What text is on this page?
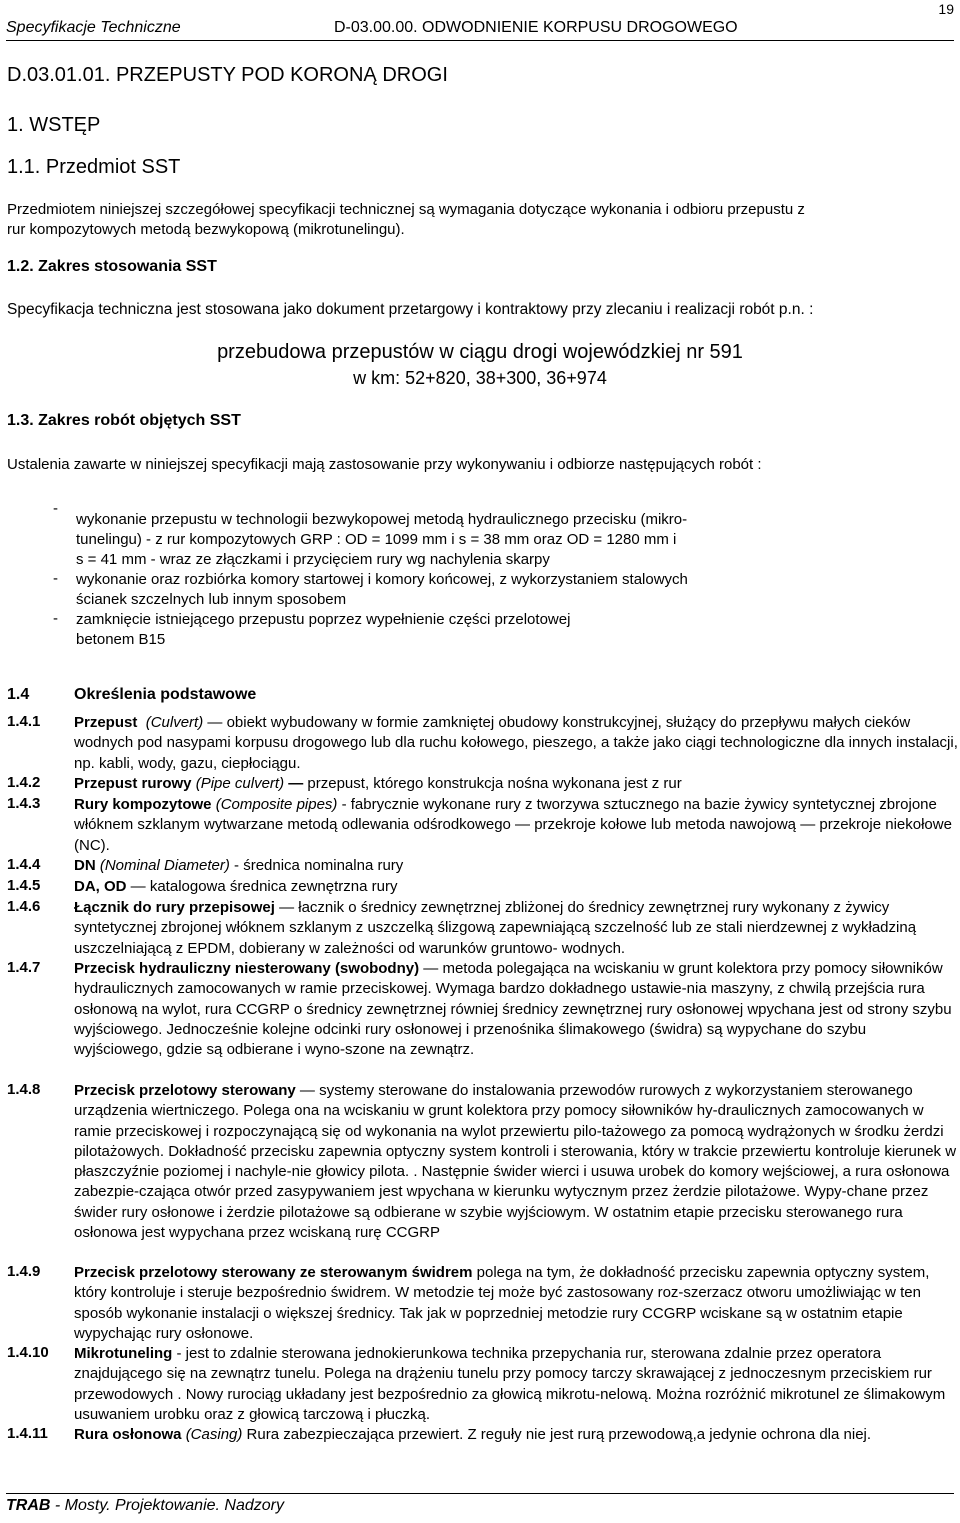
Specyfikacje Techniczne	D-03.00.00. ODWODNIENIE KORPUSU DROGOWEGO
19
D.03.01.01. PRZEPUSTY POD KORONĄ DROGI
1. WSTĘP
1.1. Przedmiot SST
Przedmiotem niniejszej szczegółowej specyfikacji technicznej są wymagania dotyczące wykonania i odbioru przepustu z
rur kompozytowych metodą bezwykopową (mikrotunelingu).
1.2. Zakres stosowania SST
Specyfikacja techniczna jest stosowana jako dokument przetargowy i kontraktowy przy zlecaniu i realizacji robót p.n. :
przebudowa przepustów w ciągu drogi wojewódzkiej nr 591
w km: 52+820, 38+300, 36+974
1.3. Zakres robót objętych SST
Ustalenia zawarte w niniejszej specyfikacji mają zastosowanie przy wykonywaniu i odbiorze następujących robót :
-
wykonanie przepustu w technologii bezwykopowej metodą hydraulicznego przecisku (mikro-
tunelingu) - z rur kompozytowych GRP : OD = 1099 mm i s = 38 mm oraz OD = 1280 mm i
s = 41 mm - wraz ze złączkami i przycięciem rury wg nachylenia skarpy
- wykonanie oraz rozbiórka komory startowej i komory końcowej, z wykorzystaniem stalowych
ścianek szczelnych lub innym sposobem
- zamknięcie istniejącego przepustu poprzez wypełnienie części przelotowej
betonem B15
1.4	Określenia podstawowe
1.4.1 Przepust (Culvert) — obiekt wybudowany w formie zamkniętej obudowy konstrukcyjnej, służący do przepływu małych cieków wodnych pod nasypami korpusu drogowego lub dla ruchu kołowego, pieszego, a także jako ciągi technologiczne dla innych instalacji, np. kabli, wody, gazu, ciepłociągu.
1.4.2 Przepust rurowy (Pipe culvert) — przepust, którego konstrukcja nośna wykonana jest z rur
1.4.3 Rury kompozytowe (Composite pipes) - fabrycznie wykonane rury z tworzywa sztucznego na bazie żywicy syntetycznej zbrojone włóknem szklanym wytwarzane metodą odlewania odśrodkowego — przekroje kołowe lub metoda nawojową — przekroje niekołowe (NC).
1.4.4 DN (Nominal Diameter) - średnica nominalna rury
1.4.5 DA, OD — katalogowa średnica zewnętrzna rury
1.4.6 Łącznik do rury przepisowej — łacznik o średnicy zewnętrznej zbliżonej do średnicy zewnętrznej rury wykonany z żywicy syntetycznej zbrojonej włóknem szklanym z uszczelką ślizgową zapewniającą szczelność lub ze stali nierdzewnej z wykładziną uszczelniającą z EPDM, dobierany w zależności od warunków gruntowo- wodnych.
1.4.7 Przecisk hydrauliczny niesterowany (swobodny) — metoda polegająca na wciskaniu w grunt kolektora przy pomocy siłowników hydraulicznych zamocowanych w ramie przeciskowej. Wymaga bardzo dokładnego ustawie-nia maszyny, z chwilą przejścia rura osłonową na wylot, rura CCGRP o średnicy zewnętrznej równiej średnicy zewnętrznej rury osłonowej wpychana jest od strony szybu wyjściowego. Jednocześnie kolejne odcinki rury osłonowej i przenośnika ślimakowego (świdra) są wypychane do szybu wyjściowego, gdzie są odbierane i wyno-szone na zewnątrz.
1.4.8 Przecisk przelotowy sterowany — systemy sterowane do instalowania przewodów rurowych z wykorzystaniem sterowanego urządzenia wiertniczego. Polega ona na wciskaniu w grunt kolektora przy pomocy siłowników hy-draulicznych zamocowanych w ramie przeciskowej i rozpoczynającą się od wykonania na wylot przewiertu pilo-tażowego za pomocą wydrążonych w środku żerdzi pilotażowych. Dokładność przecisku zapewnia optyczny system kontroli i sterowania, który w trakcie przewiertu kontroluje kierunek w płaszczyźnie poziomej i nachyle-nie głowicy pilota. . Następnie świder wierci i usuwa urobek do komory wejściowej, a rura osłonowa zabezpie-czająca otwór przed zasypywaniem jest wpychana w kierunku wytycznym przez żerdzie pilotażowe. Wypy-chane przez świder rury osłonowe i żerdzie pilotażowe są odbierane w szybie wyjściowym. W ostatnim etapie przecisku sterowanego rura osłonowa jest wypychana przez wciskaną rurę CCGRP
1.4.9 Przecisk przelotowy sterowany ze sterowanym świdrem polega na tym, że dokładność przecisku zapewnia optyczny system, który kontroluje i steruje bezpośrednio świdrem. W metodzie tej może być zastosowany roz-szerzacz otworu umożliwiając w ten sposób wykonanie instalacji o większej średnicy. Tak jak w poprzedniej metodzie rury CCGRP wciskane są w ostatnim etapie wypychając rury osłonowe.
1.4.10 Mikrotuneling - jest to zdalnie sterowana jednokierunkowa technika przepychania rur, sterowana zdalnie przez operatora znajdującego się na zewnątrz tunelu. Polega na drążeniu tunelu przy pomocy tarczy skrawającej z jednoczesnym przeciskiem rur przewodowych . Nowy rurociąg układany jest bezpośrednio za głowicą mikrotu-nelową. Można rozróżnić mikrotunel ze ślimakowym usuwaniem urobku oraz z głowicą tarczową i płuczką.
1.4.11 Rura osłonowa (Casing) Rura zabezpieczająca przewiert. Z reguły nie jest rurą przewodową,a jedynie ochrona dla niej.
TRAB - Mosty. Projektowanie. Nadzory
